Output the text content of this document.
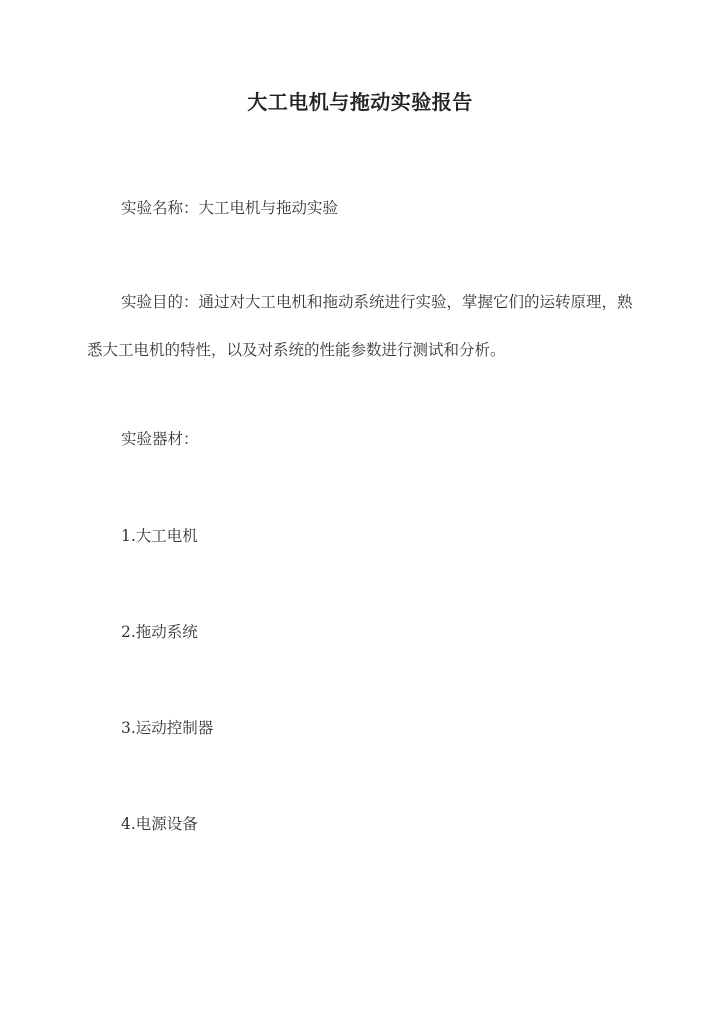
大工电机与拖动实验报告

实验名称：大工电机与拖动实验

实验目的：通过对大工电机和拖动系统进行实验，掌握它们的运转原理，熟悉大工电机的特性，以及对系统的性能参数进行测试和分析。

实验器材：

1.大工电机
2.拖动系统
3.运动控制器
4.电源设备
